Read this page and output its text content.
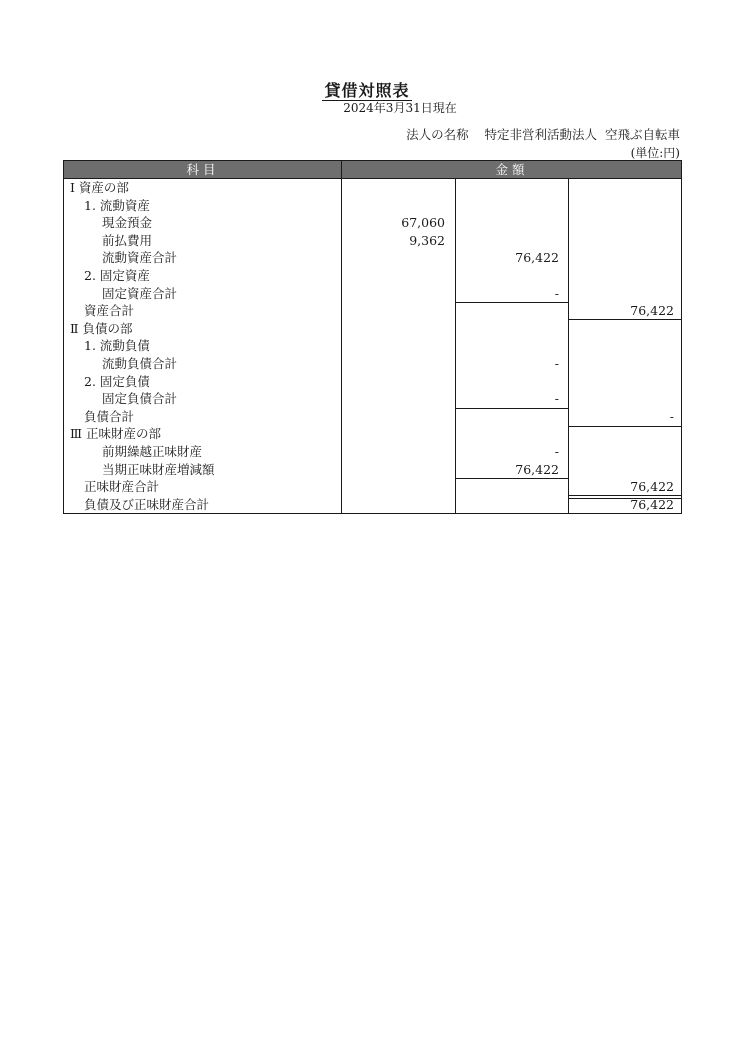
貸借対照表
2024年3月31日現在
法人の名称 特定非営利活動法人  空飛ぶ自転車
(単位:円)
科目	金額
Ⅰ 資産の部
1. 流動資産
現金預金	67,060
前払費用	9,362
流動資産合計	76,422
2. 固定資産
固定資産合計	-
資産合計	76,422
Ⅱ 負債の部
1. 流動負債
流動負債合計	-
2. 固定負債
固定負債合計	-
負債合計	-
Ⅲ 正味財産の部
前期繰越正味財産	-
当期正味財産増減額	76,422
正味財産合計	76,422
負債及び正味財産合計	76,422
